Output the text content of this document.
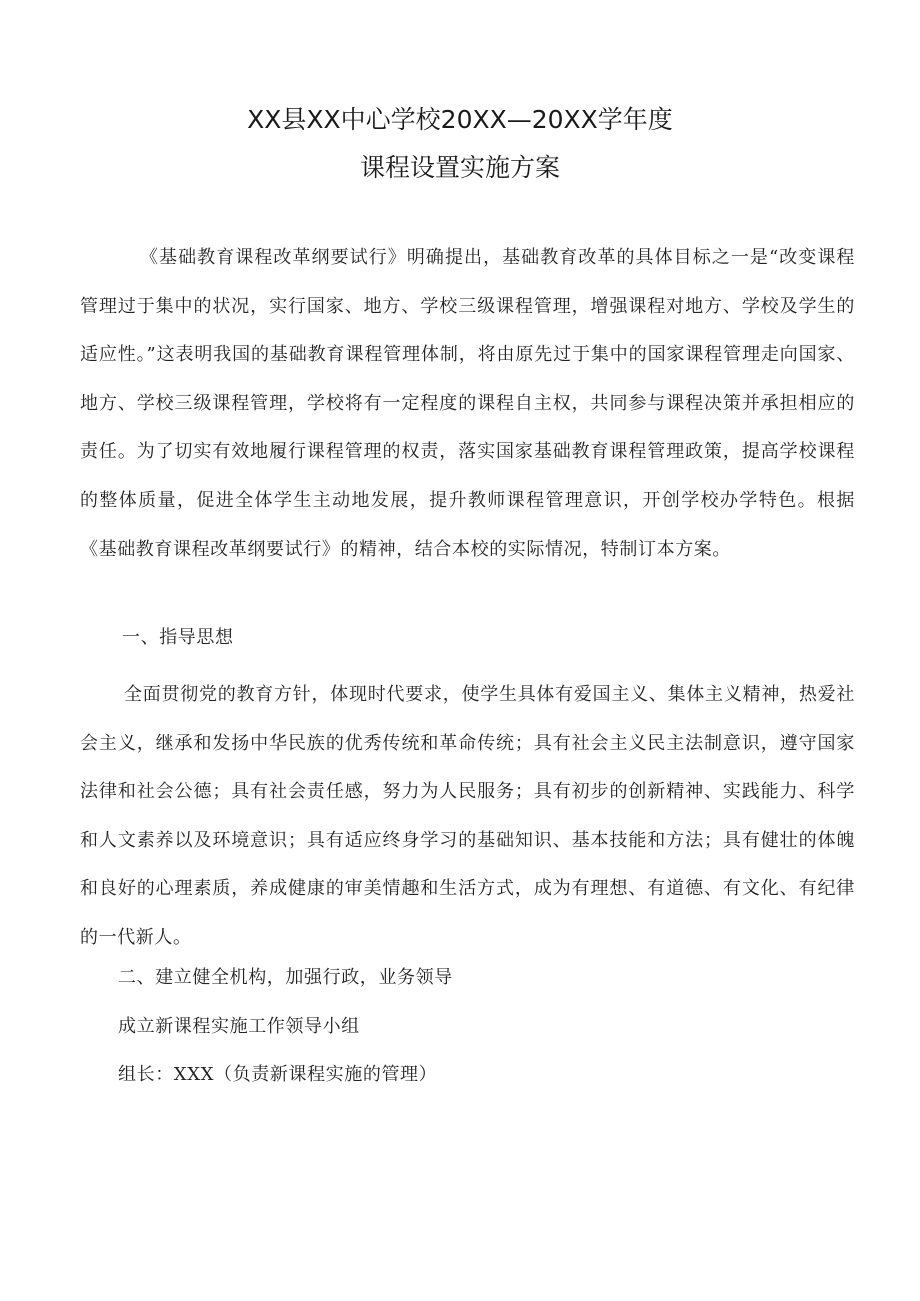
XX县XX中心学校20XX—20XX学年度
课程设置实施方案
《基础教育课程改革纲要试行》明确提出，基础教育改革的具体目标之一是“改变课程管理过于集中的状况，实行国家、地方、学校三级课程管理，增强课程对地方、学校及学生的适应性。”这表明我国的基础教育课程管理体制，将由原先过于集中的国家课程管理走向国家、地方、学校三级课程管理，学校将有一定程度的课程自主权，共同参与课程决策并承担相应的责任。为了切实有效地履行课程管理的权责，落实国家基础教育课程管理政策，提高学校课程的整体质量，促进全体学生主动地发展，提升教师课程管理意识，开创学校办学特色。根据《基础教育课程改革纲要试行》的精神，结合本校的实际情况，特制订本方案。
一、指导思想
全面贯彻党的教育方针，体现时代要求，使学生具体有爱国主义、集体主义精神，热爱社会主义，继承和发扬中华民族的优秀传统和革命传统；具有社会主义民主法制意识，遵守国家法律和社会公德；具有社会责任感，努力为人民服务；具有初步的创新精神、实践能力、科学和人文素养以及环境意识；具有适应终身学习的基础知识、基本技能和方法；具有健壮的体魄和良好的心理素质，养成健康的审美情趣和生活方式，成为有理想、有道德、有文化、有纪律的一代新人。
二、建立健全机构，加强行政，业务领导
成立新课程实施工作领导小组
组长：XXX（负责新课程实施的管理）
